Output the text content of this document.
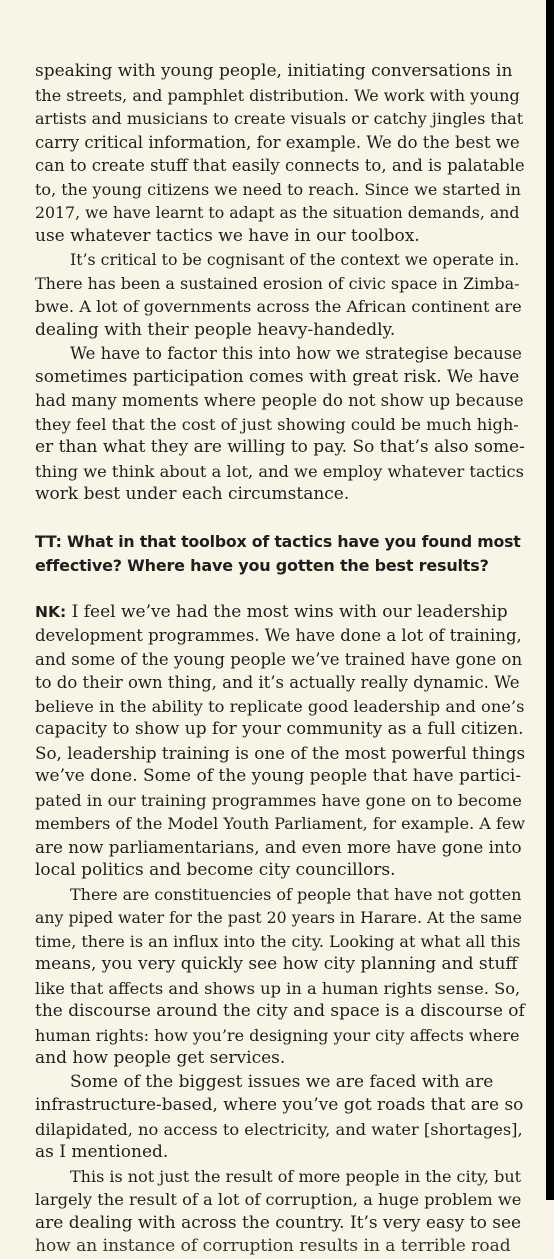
speaking with young people, initiating conversations in
the streets, and pamphlet distribution. We work with young
artists and musicians to create visuals or catchy jingles that
carry critical information, for example. We do the best we
can to create stuff that easily connects to, and is palatable
to, the young citizens we need to reach. Since we started in
2017, we have learnt to adapt as the situation demands, and
use whatever tactics we have in our toolbox.
It’s critical to be cognisant of the context we operate in.
There has been a sustained erosion of civic space in Zimba-
bwe. A lot of governments across the African continent are
dealing with their people heavy-handedly.
We have to factor this into how we strategise because
sometimes participation comes with great risk. We have
had many moments where people do not show up because
they feel that the cost of just showing could be much high-
er than what they are willing to pay. So that’s also some-
thing we think about a lot, and we employ whatever tactics
work best under each circumstance.
TT: What in that toolbox of tactics have you found most
effective? Where have you gotten the best results?
NK: I feel we’ve had the most wins with our leadership
development programmes. We have done a lot of training,
and some of the young people we’ve trained have gone on
to do their own thing, and it’s actually really dynamic. We
believe in the ability to replicate good leadership and one’s
capacity to show up for your community as a full citizen.
So, leadership training is one of the most powerful things
we’ve done. Some of the young people that have partici-
pated in our training programmes have gone on to become
members of the Model Youth Parliament, for example. A few
are now parliamentarians, and even more have gone into
local politics and become city councillors.
There are constituencies of people that have not gotten
any piped water for the past 20 years in Harare. At the same
time, there is an influx into the city. Looking at what all this
means, you very quickly see how city planning and stuff
like that affects and shows up in a human rights sense. So,
the discourse around the city and space is a discourse of
human rights: how you’re designing your city affects where
and how people get services.
Some of the biggest issues we are faced with are
infrastructure-based, where you’ve got roads that are so
dilapidated, no access to electricity, and water [shortages],
as I mentioned.
This is not just the result of more people in the city, but
largely the result of a lot of corruption, a huge problem we
are dealing with across the country. It’s very easy to see
how an instance of corruption results in a terrible road
